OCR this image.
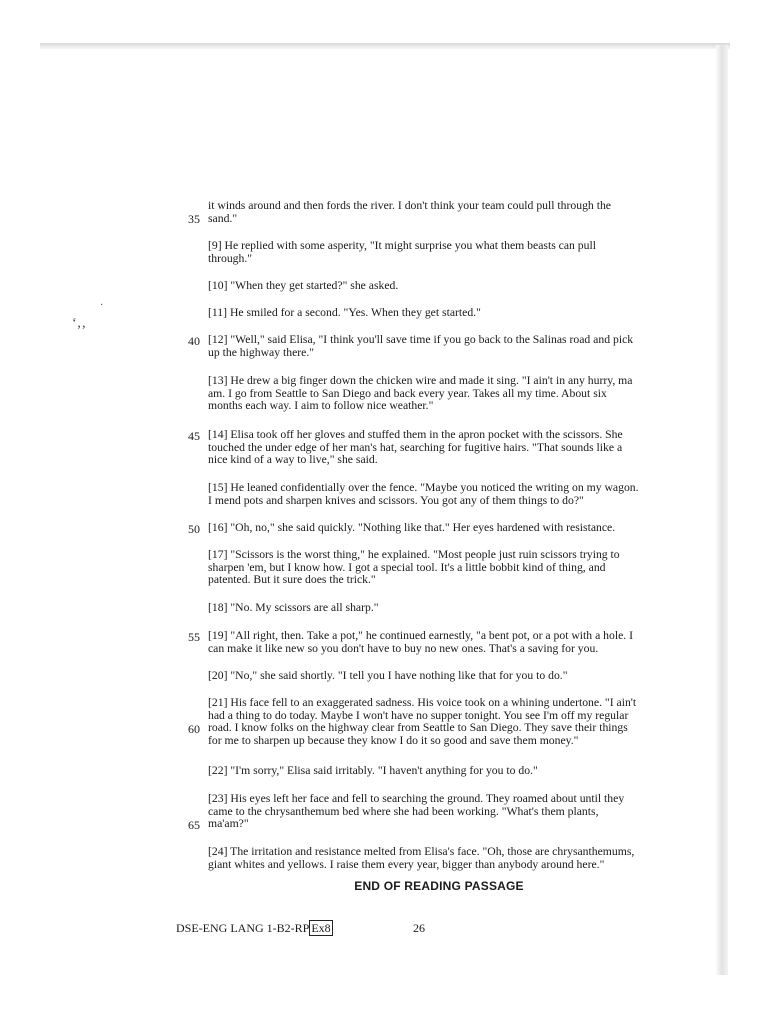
‘‚‚
·
it winds around and then fords the river. I don't think your team could pull through the
sand."
[9] He replied with some asperity, "It might surprise you what them beasts can pull
through."
[10] "When they get started?" she asked.
[11] He smiled for a second. "Yes. When they get started."
[12] "Well," said Elisa, "I think you'll save time if you go back to the Salinas road and pick
up the highway there."
[13] He drew a big finger down the chicken wire and made it sing. "I ain't in any hurry, ma
am. I go from Seattle to San Diego and back every year. Takes all my time. About six
months each way. I aim to follow nice weather."
[14] Elisa took off her gloves and stuffed them in the apron pocket with the scissors. She
touched the under edge of her man's hat, searching for fugitive hairs. "That sounds like a
nice kind of a way to live," she said.
[15] He leaned confidentially over the fence. "Maybe you noticed the writing on my wagon.
I mend pots and sharpen knives and scissors. You got any of them things to do?"
[16] "Oh, no," she said quickly. "Nothing like that." Her eyes hardened with resistance.
[17] "Scissors is the worst thing," he explained. "Most people just ruin scissors trying to
sharpen 'em, but I know how. I got a special tool. It's a little bobbit kind of thing, and
patented. But it sure does the trick."
[18] "No. My scissors are all sharp."
[19] "All right, then. Take a pot," he continued earnestly, "a bent pot, or a pot with a hole. I
can make it like new so you don't have to buy no new ones. That's a saving for you.
[20] "No," she said shortly. "I tell you I have nothing like that for you to do."
[21] His face fell to an exaggerated sadness. His voice took on a whining undertone. "I ain't
had a thing to do today. Maybe I won't have no supper tonight. You see I'm off my regular
road. I know folks on the highway clear from Seattle to San Diego. They save their things
for me to sharpen up because they know I do it so good and save them money."
[22] "I'm sorry," Elisa said irritably. "I haven't anything for you to do."
[23] His eyes left her face and fell to searching the ground. They roamed about until they
came to the chrysanthemum bed where she had been working. "What's them plants,
ma'am?"
[24] The irritation and resistance melted from Elisa's face. "Oh, those are chrysanthemums,
giant whites and yellows. I raise them every year, bigger than anybody around here."
35
40
45
50
55
60
65
END OF READING PASSAGE
DSE-ENG LANG 1-B2-RP Ex8	26
